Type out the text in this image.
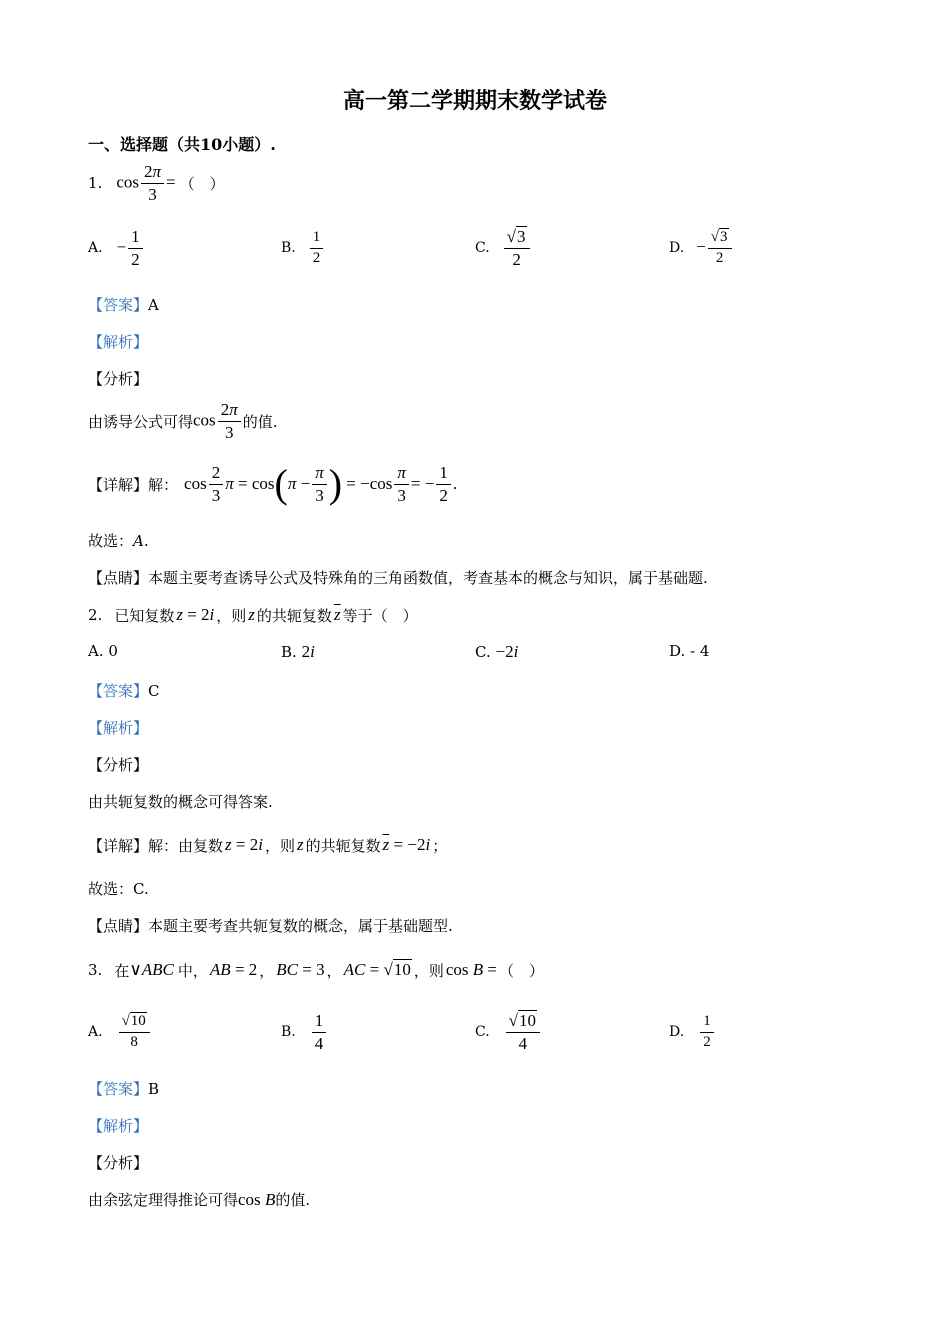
高一第二学期期末数学试卷
一、选择题（共10小题）.
1. $\cos \frac{2\pi}{3}$ = （　）
A. − $\frac{1}{2}$	B. $\frac{1}{2}$	C. $\frac{√3}{2}$	D. − $\frac{√3}{2}$
【答案】A
【解析】
【分析】
由诱导公式可得 $\cos \frac{2\pi}{3}$ 的值.
【详解】 解： $\cos \frac{2}{3}$ π = cos ( $\pi - \frac{\pi}{3}$ ) = $-\cos \frac{\pi}{3}$ = − $\frac{1}{2}$ .
故选：A.
【点睛】本题主要考查诱导公式及特殊角的三角函数值，考查基本的概念与知识，属于基础题.
2. 已知复数 z = 2i ，则 z 的共轭复数 $\overline{z}$ 等于（　）
A. 0	B. 2i	C. −2i	D. - 4
【答案】C
【解析】
【分析】
由共轭复数的概念可得答案.
【详解】 解：由复数 z = 2i ，则 z 的共轭复数 $\overline{z} = -2i$ ；
故选：C.
【点睛】本题主要考查共轭复数的概念，属于基础题型.
3. 在 ∨ABC 中， AB = 2 ， BC = 3 ， AC = √10 ，则 cos B = （　）
A. $\frac{√10}{8}$	B. $\frac{1}{4}$	C. $\frac{√10}{4}$	D. $\frac{1}{2}$
【答案】B
【解析】
【分析】
由余弦定理得推论可得cos B的值.
